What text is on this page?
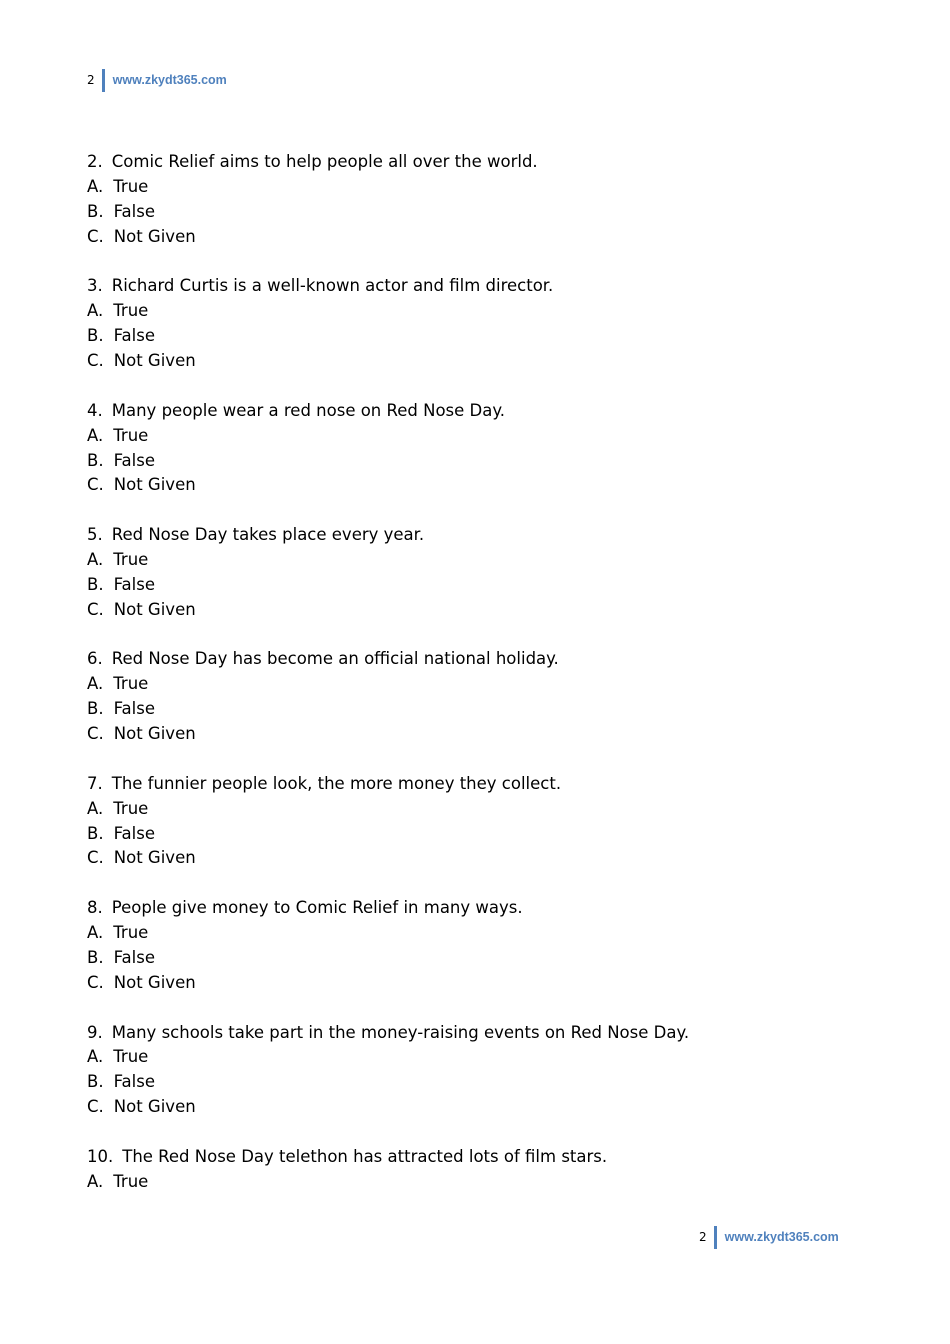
2 www.zkydt365.com
2. Comic Relief aims to help people all over the world.
A. True
B. False
C. Not Given
3. Richard Curtis is a well-known actor and film director.
A. True
B. False
C. Not Given
4. Many people wear a red nose on Red Nose Day.
A. True
B. False
C. Not Given
5. Red Nose Day takes place every year.
A. True
B. False
C. Not Given
6. Red Nose Day has become an official national holiday.
A. True
B. False
C. Not Given
7. The funnier people look, the more money they collect.
A. True
B. False
C. Not Given
8. People give money to Comic Relief in many ways.
A. True
B. False
C. Not Given
9. Many schools take part in the money-raising events on Red Nose Day.
A. True
B. False
C. Not Given
10. The Red Nose Day telethon has attracted lots of film stars.
A. True
2 www.zkydt365.com
